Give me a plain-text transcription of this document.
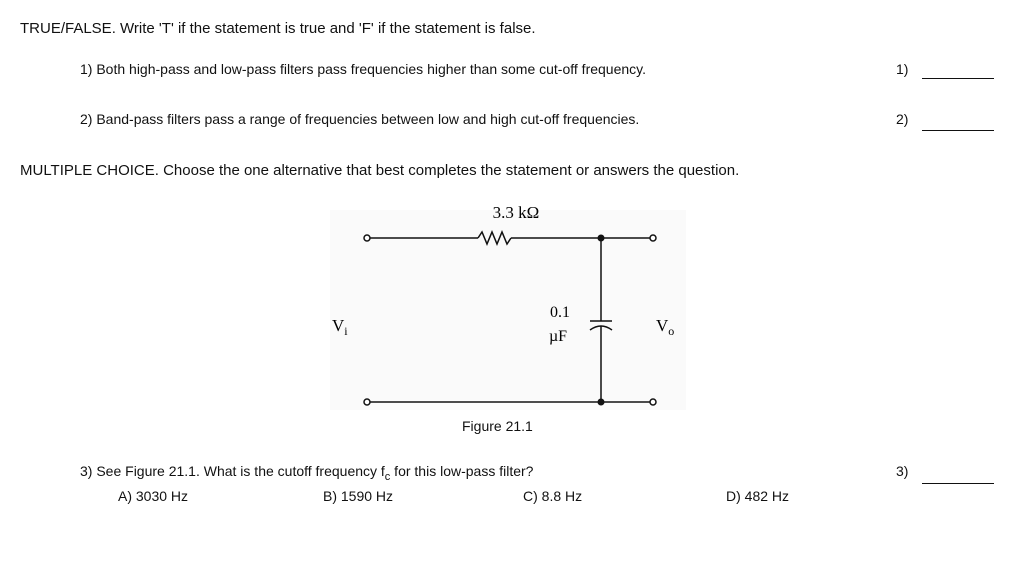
TRUE/FALSE. Write 'T' if the statement is true and 'F' if the statement is false.
1) Both high-pass and low-pass filters pass frequencies higher than some cut-off frequency.	1)
2) Band-pass filters pass a range of frequencies between low and high cut-off frequencies.	2)
MULTIPLE CHOICE. Choose the one alternative that best completes the statement or answers the question.
3.3 kΩ
0.1
µF
$V_i$	$V_o$
Figure 21.1
3) See Figure 21.1. What is the cutoff frequency $f_c$ for this low-pass filter?	3)
A) 3030 Hz	B) 1590 Hz	C) 8.8 Hz	D) 482 Hz
